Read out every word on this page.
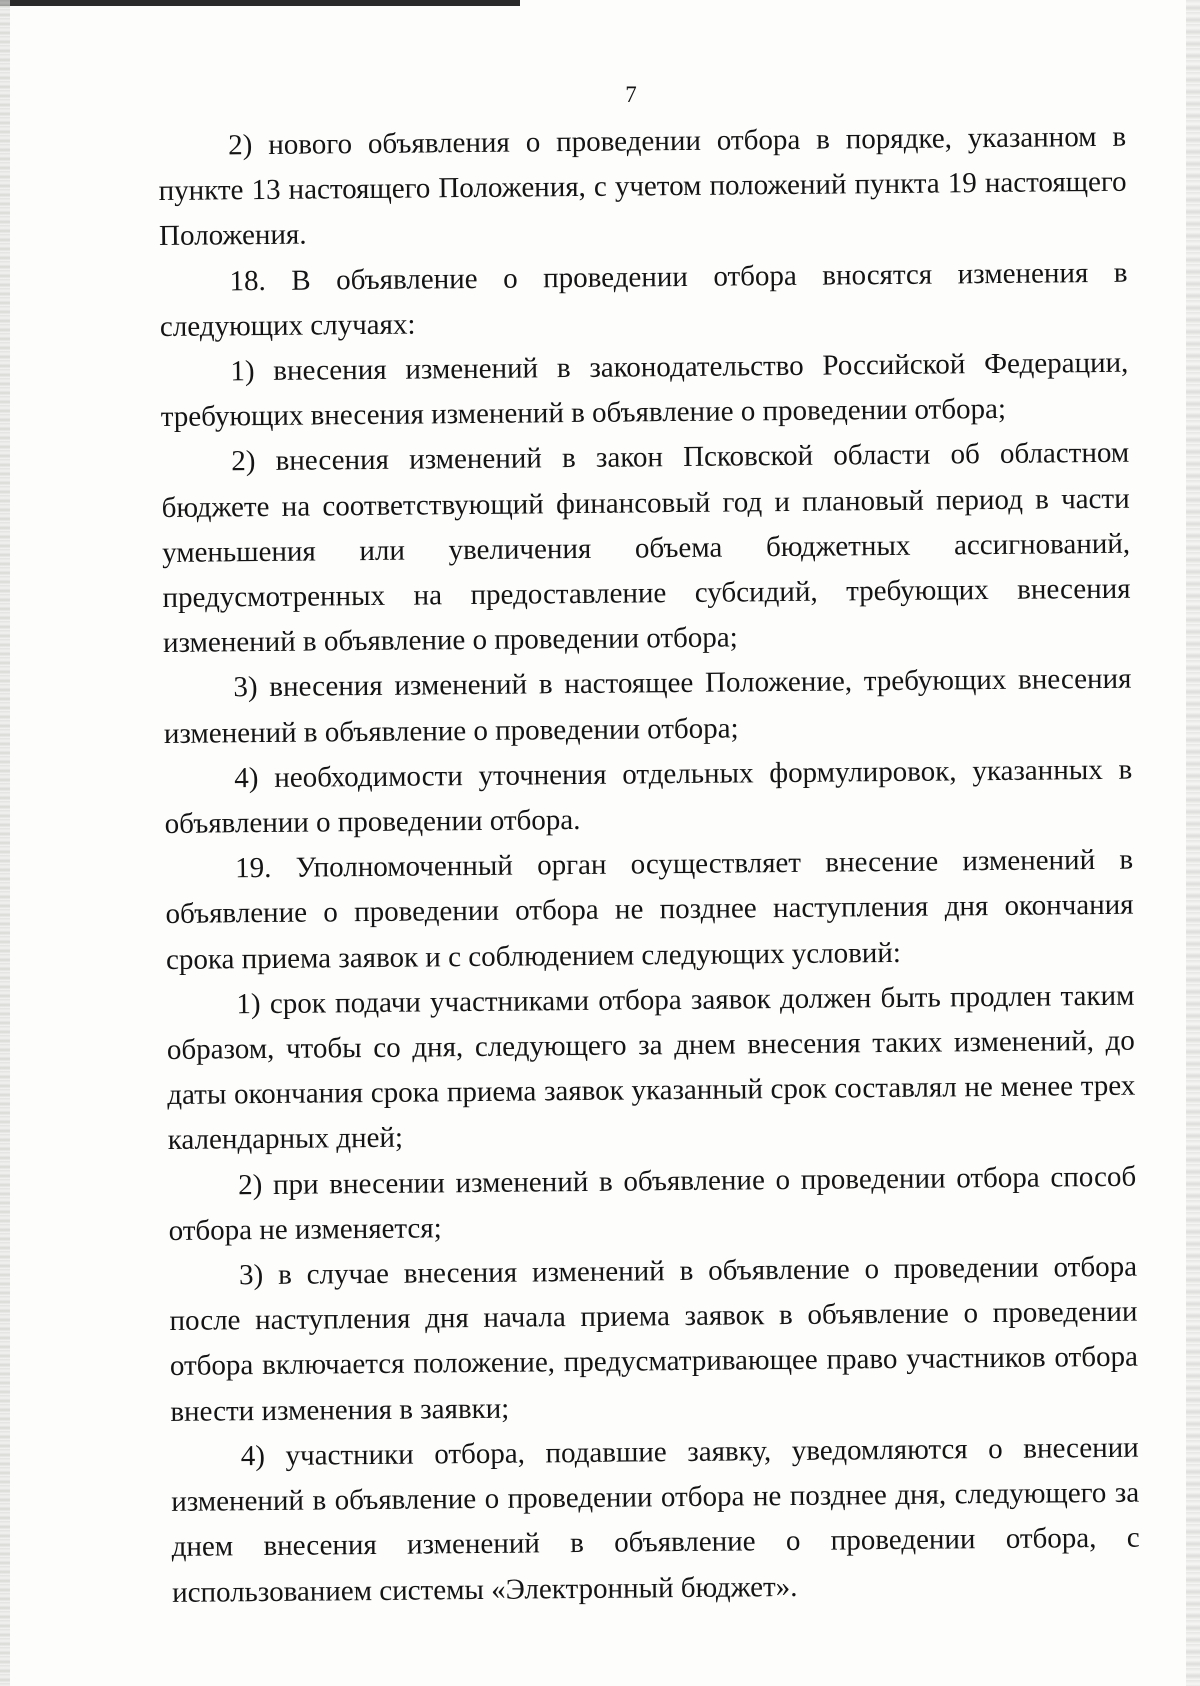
7

2) нового объявления о проведении отбора в порядке, указанном в пункте 13 настоящего Положения, с учетом положений пункта 19 настоящего Положения.

18. В объявление о проведении отбора вносятся изменения в следующих случаях:

1) внесения изменений в законодательство Российской Федерации, требующих внесения изменений в объявление о проведении отбора;

2) внесения изменений в закон Псковской области об областном бюджете на соответствующий финансовый год и плановый период в части уменьшения или увеличения объема бюджетных ассигнований, предусмотренных на предоставление субсидий, требующих внесения изменений в объявление о проведении отбора;

3) внесения изменений в настоящее Положение, требующих внесения изменений в объявление о проведении отбора;

4) необходимости уточнения отдельных формулировок, указанных в объявлении о проведении отбора.

19. Уполномоченный орган осуществляет внесение изменений в объявление о проведении отбора не позднее наступления дня окончания срока приема заявок и с соблюдением следующих условий:

1) срок подачи участниками отбора заявок должен быть продлен таким образом, чтобы со дня, следующего за днем внесения таких изменений, до даты окончания срока приема заявок указанный срок составлял не менее трех календарных дней;

2) при внесении изменений в объявление о проведении отбора способ отбора не изменяется;

3) в случае внесения изменений в объявление о проведении отбора после наступления дня начала приема заявок в объявление о проведении отбора включается положение, предусматривающее право участников отбора внести изменения в заявки;

4) участники отбора, подавшие заявку, уведомляются о внесении изменений в объявление о проведении отбора не позднее дня, следующего за днем внесения изменений в объявление о проведении отбора, с использованием системы «Электронный бюджет».
